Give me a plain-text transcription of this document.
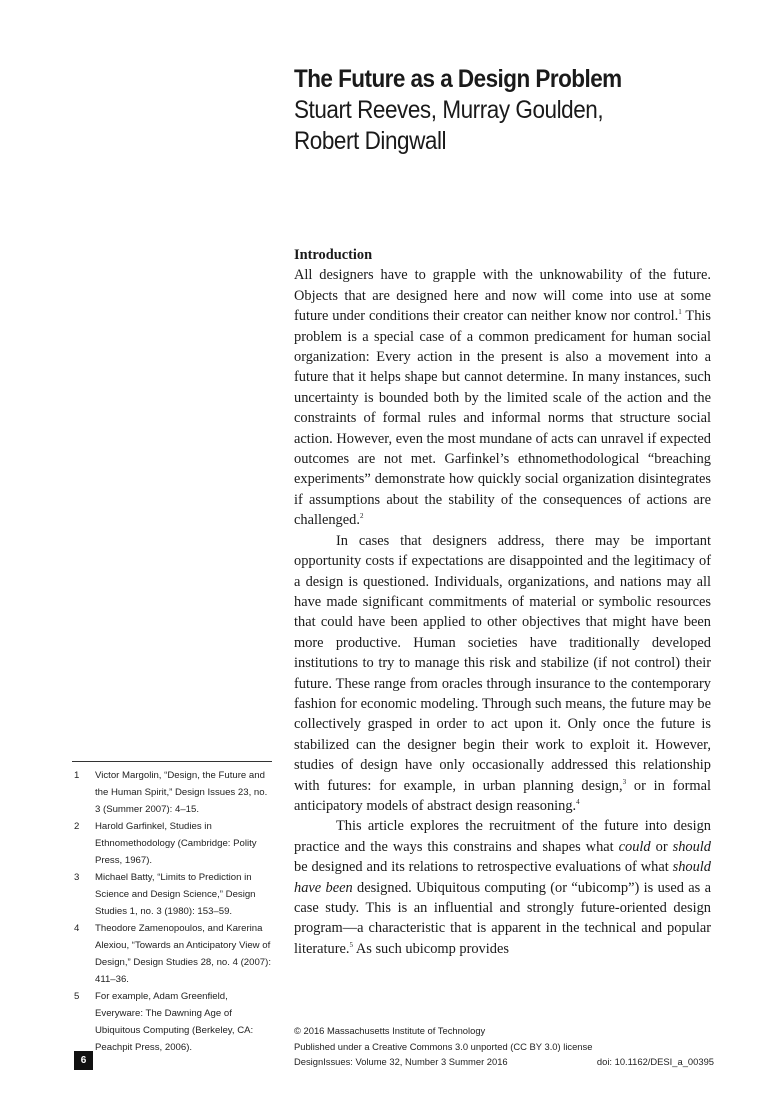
The Future as a Design Problem
Stuart Reeves, Murray Goulden,
Robert Dingwall
Introduction

All designers have to grapple with the unknowability of the future. Objects that are designed here and now will come into use at some future under conditions their creator can neither know nor control.$^1$ This problem is a special case of a common predicament for human social organization: Every action in the present is also a movement into a future that it helps shape but cannot determine. In many instances, such uncertainty is bounded both by the limited scale of the action and the constraints of formal rules and informal norms that structure social action. However, even the most mundane of acts can unravel if expected outcomes are not met. Garfinkel’s ethnomethodological “breaching experiments” demonstrate how quickly social organization disintegrates if assumptions about the stability of the consequences of actions are challenged.$^2$

In cases that designers address, there may be important opportunity costs if expectations are disappointed and the legitimacy of a design is questioned. Individuals, organizations, and nations may all have made significant commitments of material or symbolic resources that could have been applied to other objectives that might have been more productive. Human societies have traditionally developed institutions to try to manage this risk and stabilize (if not control) their future. These range from oracles through insurance to the contemporary fashion for economic modeling. Through such means, the future may be collectively grasped in order to act upon it. Only once the future is stabilized can the designer begin their work to exploit it. However, studies of design have only occasionally addressed this relationship with futures: for example, in urban planning design,$^3$ or in formal anticipatory models of abstract design reasoning.$^4$

This article explores the recruitment of the future into design practice and the ways this constrains and shapes what could or should be designed and its relations to retrospective evaluations of what should have been designed. Ubiquitous computing (or “ubicomp”) is used as a case study. This is an influential and strongly future-oriented design program—a characteristic that is apparent in the technical and popular literature.$^5$ As such ubicomp provides

1	Victor Margolin, “Design, the Future and the Human Spirit,” Design Issues 23, no. 3 (Summer 2007): 4–15.
2	Harold Garfinkel, Studies in Ethnomethodology (Cambridge: Polity Press, 1967).
3	Michael Batty, “Limits to Prediction in Science and Design Science,” Design Studies 1, no. 3 (1980): 153–59.
4	Theodore Zamenopoulos, and Karerina Alexiou, “Towards an Anticipatory View of Design,” Design Studies 28, no. 4 (2007): 411–36.
5	For example, Adam Greenfield, Everyware: The Dawning Age of Ubiquitous Computing (Berkeley, CA: Peachpit Press, 2006).
6
© 2016 Massachusetts Institute of Technology
Published under a Creative Commons 3.0 unported (CC BY 3.0) license
DesignIssues: Volume 32, Number 3 Summer 2016	doi: 10.1162/DESI_a_00395
